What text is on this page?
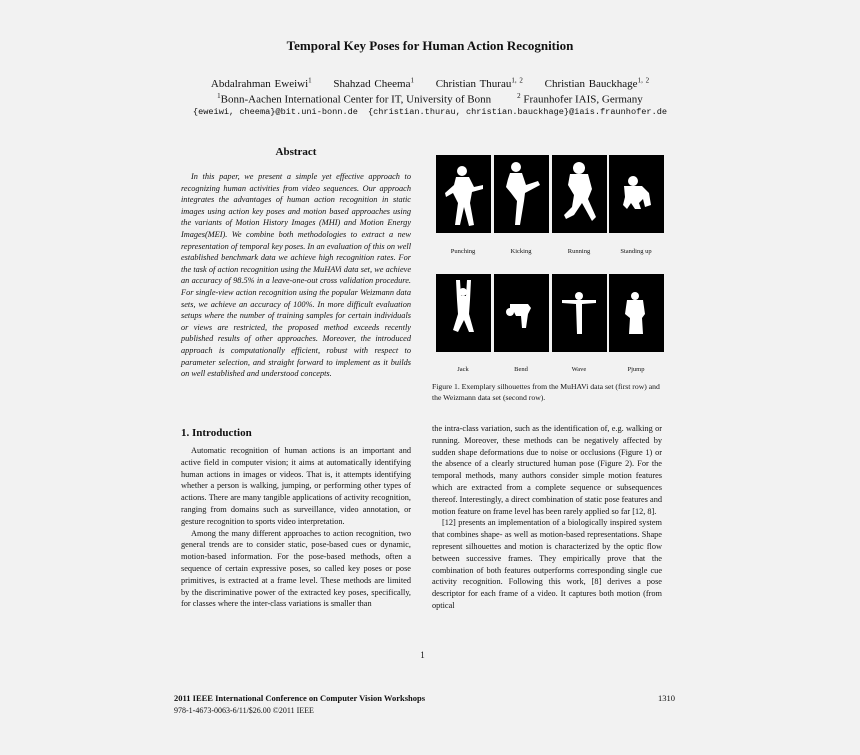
Temporal Key Poses for Human Action Recognition
Abdalrahman Eweiwi$^1$ Shahzad Cheema$^1$ Christian Thurau$^{1, 2}$ Christian Bauckhage$^{1, 2}$
$^1$Bonn-Aachen International Center for IT, University of Bonn	$^2$ Fraunhofer IAIS, Germany
{eweiwi, cheema}@bit.uni-bonn.de {christian.thurau, christian.bauckhage}@iais.fraunhofer.de
Abstract
In this paper, we present a simple yet effective approach to recognizing human activities from video sequences. Our approach integrates the advantages of human action recognition in static images using action key poses and motion based approaches using the variants of Motion History Images (MHI) and Motion Energy Images(MEI). We combine both methodologies to extract a new representation of temporal key poses. In an evaluation of this on well established benchmark data we achieve high recognition rates. For the task of action recognition using the MuHAVi data set, we achieve an accuracy of 98.5% in a leave-one-out cross validation procedure. For single-view action recognition using the popular Weizmann data sets, we achieve an accuracy of 100%. In more difficult evaluation setups where the number of training samples for certain individuals or views are restricted, the proposed method exceeds recently published results of other approaches. Moreover, the introduced approach is computationally efficient, robust with respect to parameter selection, and straight forward to implement as it builds on well established and understood concepts.
Punching	Kicking	Running	Standing up
Jack	Bend	Wave	Pjump
Figure 1. Exemplary silhouettes from the MuHAVi data set (first row) and the Weizmann data set (second row).
1. Introduction

Automatic recognition of human actions is an important and active field in computer vision; it aims at automatically identifying human actions in images or videos. That is, it attempts identifying whether a person is walking, jumping, or performing other types of actions. There are many tangible applications of activity recognition, ranging from domains such as surveillance, video annotation, or gesture recognition to sports video interpretation.

Among the many different approaches to action recognition, two general trends are to consider static, pose-based cues or dynamic, motion-based information. For the pose-based methods, often a sequence of certain expressive poses, so called key poses or pose primitives, is extracted at a frame level. These methods are limited by the discriminative power of the extracted key poses, specifically, for classes where the inter-class variations is smaller than

the intra-class variation, such as the identification of, e.g. walking or running. Moreover, these methods can be negatively affected by sudden shape deformations due to noise or occlusions (Figure 1) or the absence of a clearly structured human pose (Figure 2). For the temporal methods, many authors consider simple motion features which are extracted from a complete sequence or subsequences thereof. Interestingly, a direct combination of static pose features and motion feature on frame level has been rarely applied so far [12, 8].

[12] presents an implementation of a biologically inspired system that combines shape- as well as motion-based representations. Shape represent silhouettes and motion is characterized by the optic flow between successive frames. They empirically prove that the combination of both features outperforms corresponding single cue activity recognition. Following this work, [8] derives a pose descriptor for each frame of a video. It captures both motion (from optical

1
2011 IEEE International Conference on Computer Vision Workshops	1310
978-1-4673-0063-6/11/$26.00 ©2011 IEEE
